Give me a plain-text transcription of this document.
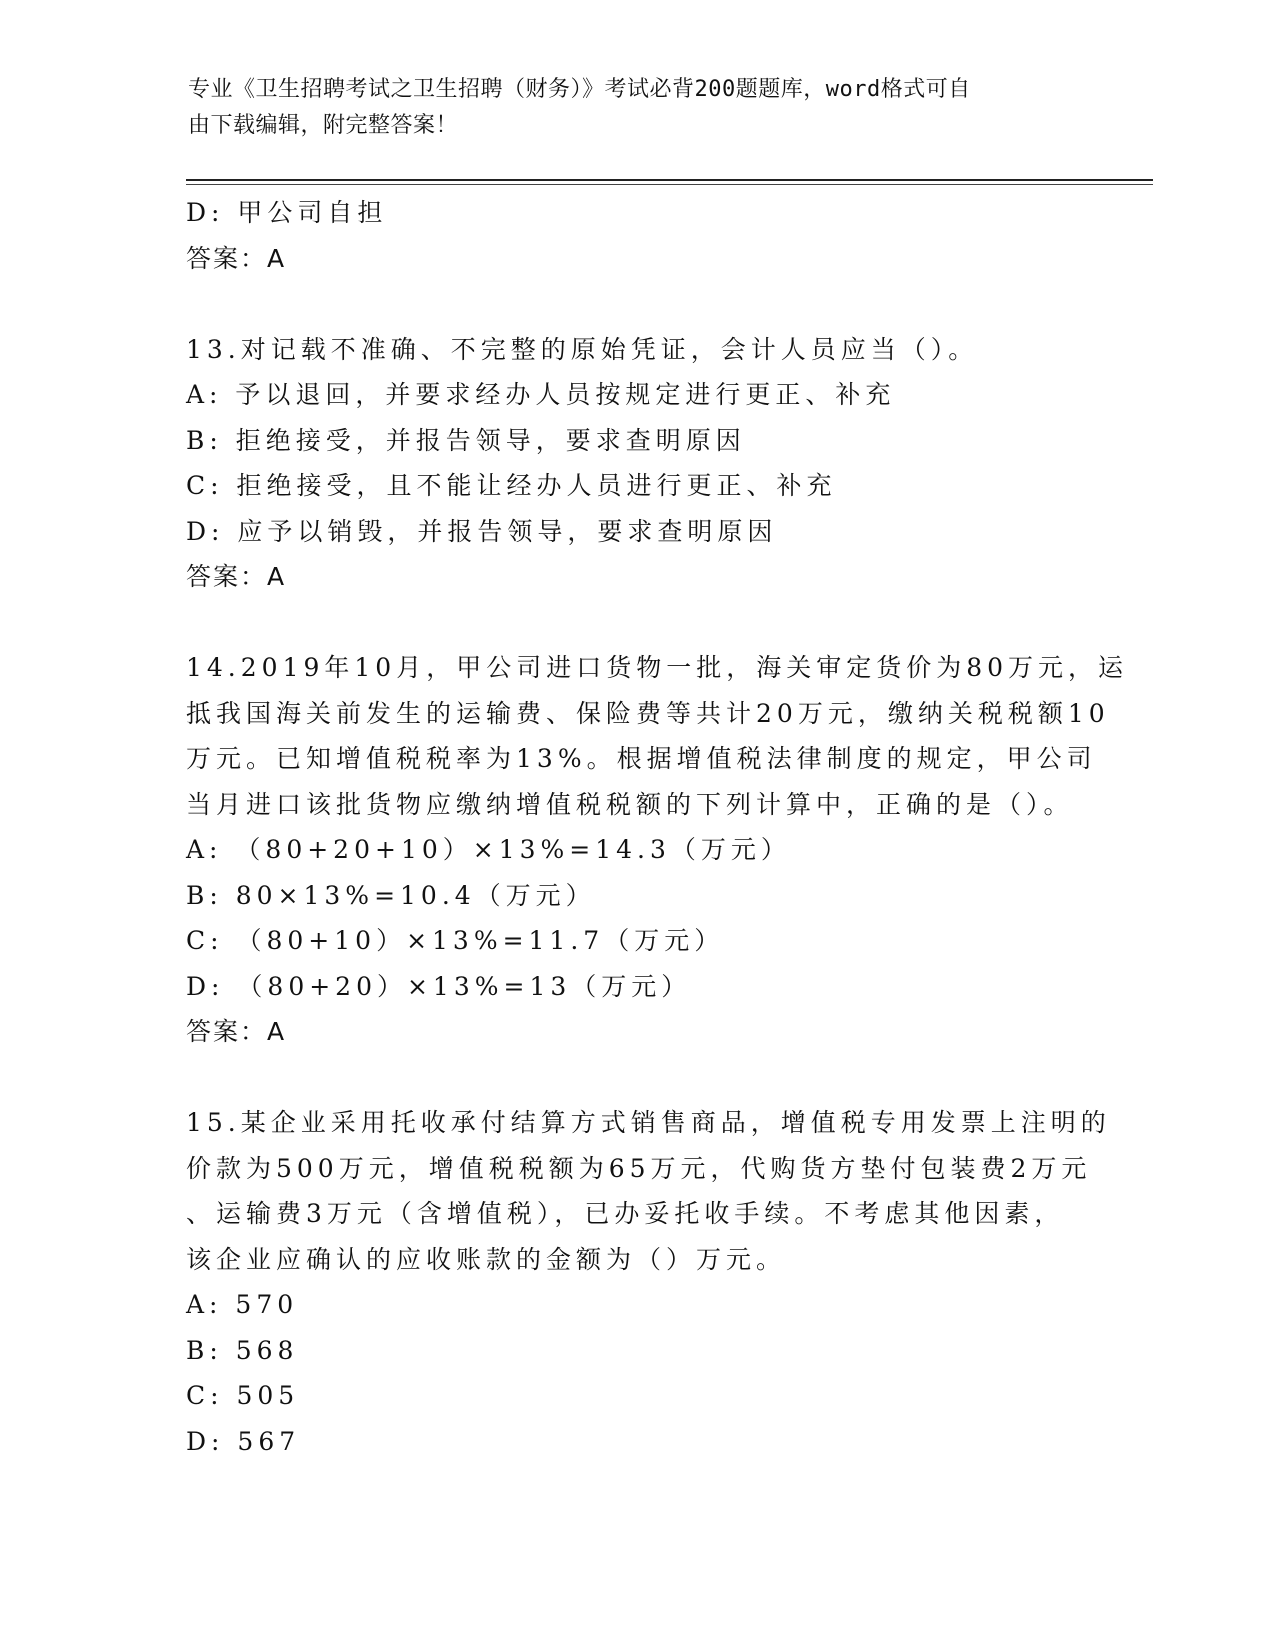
专业《卫生招聘考试之卫生招聘（财务）》考试必背200题题库，word格式可自
由下载编辑，附完整答案！
D: 甲公司自担
答案：A
13.对记载不准确、不完整的原始凭证，会计人员应当（）。
A: 予以退回，并要求经办人员按规定进行更正、补充
B: 拒绝接受，并报告领导，要求查明原因
C: 拒绝接受，且不能让经办人员进行更正、补充
D: 应予以销毁，并报告领导，要求查明原因
答案：A
14.2019年10月，甲公司进口货物一批，海关审定货价为80万元，运
抵我国海关前发生的运输费、保险费等共计20万元，缴纳关税税额10
万元。已知增值税税率为13%。根据增值税法律制度的规定，甲公司
当月进口该批货物应缴纳增值税税额的下列计算中，正确的是（）。
A: （80+20+10）×13%=14.3（万元）
B: 80×13%=10.4（万元）
C: （80+10）×13%=11.7（万元）
D: （80+20）×13%=13（万元）
答案：A
15.某企业采用托收承付结算方式销售商品，增值税专用发票上注明的
价款为500万元，增值税税额为65万元，代购货方垫付包装费2万元
、运输费3万元（含增值税），已办妥托收手续。不考虑其他因素，
该企业应确认的应收账款的金额为（）万元。
A: 570
B: 568
C: 505
D: 567
